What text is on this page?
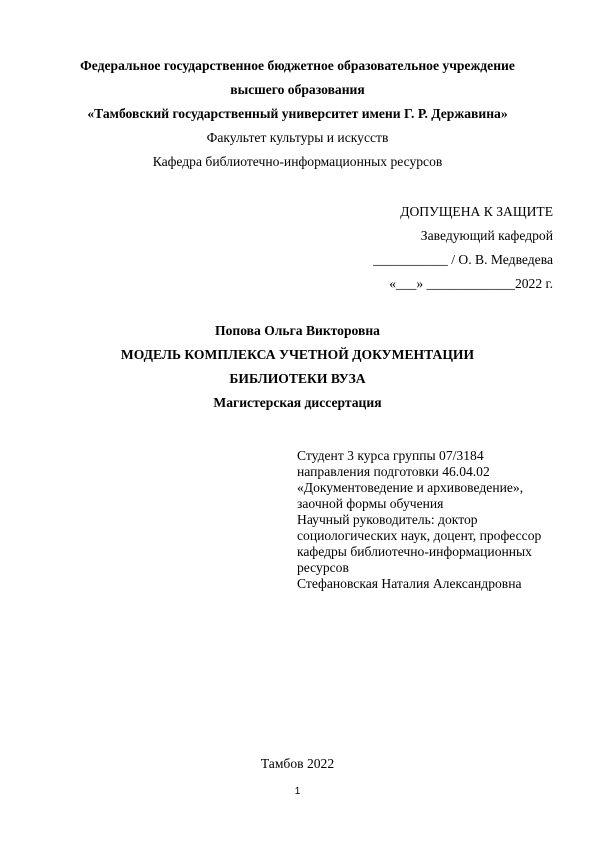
Федеральное государственное бюджетное образовательное учреждение
высшего образования
«Тамбовский государственный университет имени Г. Р. Державина»
Факультет культуры и искусств
Кафедра библиотечно-информационных ресурсов
ДОПУЩЕНА К ЗАЩИТЕ
Заведующий кафедрой
___________ / О. В. Медведева
«___» _____________2022 г.
Попова Ольга Викторовна
МОДЕЛЬ КОМПЛЕКСА УЧЕТНОЙ ДОКУМЕНТАЦИИ
БИБЛИОТЕКИ ВУЗА
Магистерская диссертация
Студент 3 курса группы 07/3184
направления подготовки 46.04.02
«Документоведение и архивоведение»,
заочной формы обучения
Научный руководитель: доктор
социологических наук, доцент, профессор
кафедры библиотечно-информационных
ресурсов
Стефановская Наталия Александровна
Тамбов 2022
1
